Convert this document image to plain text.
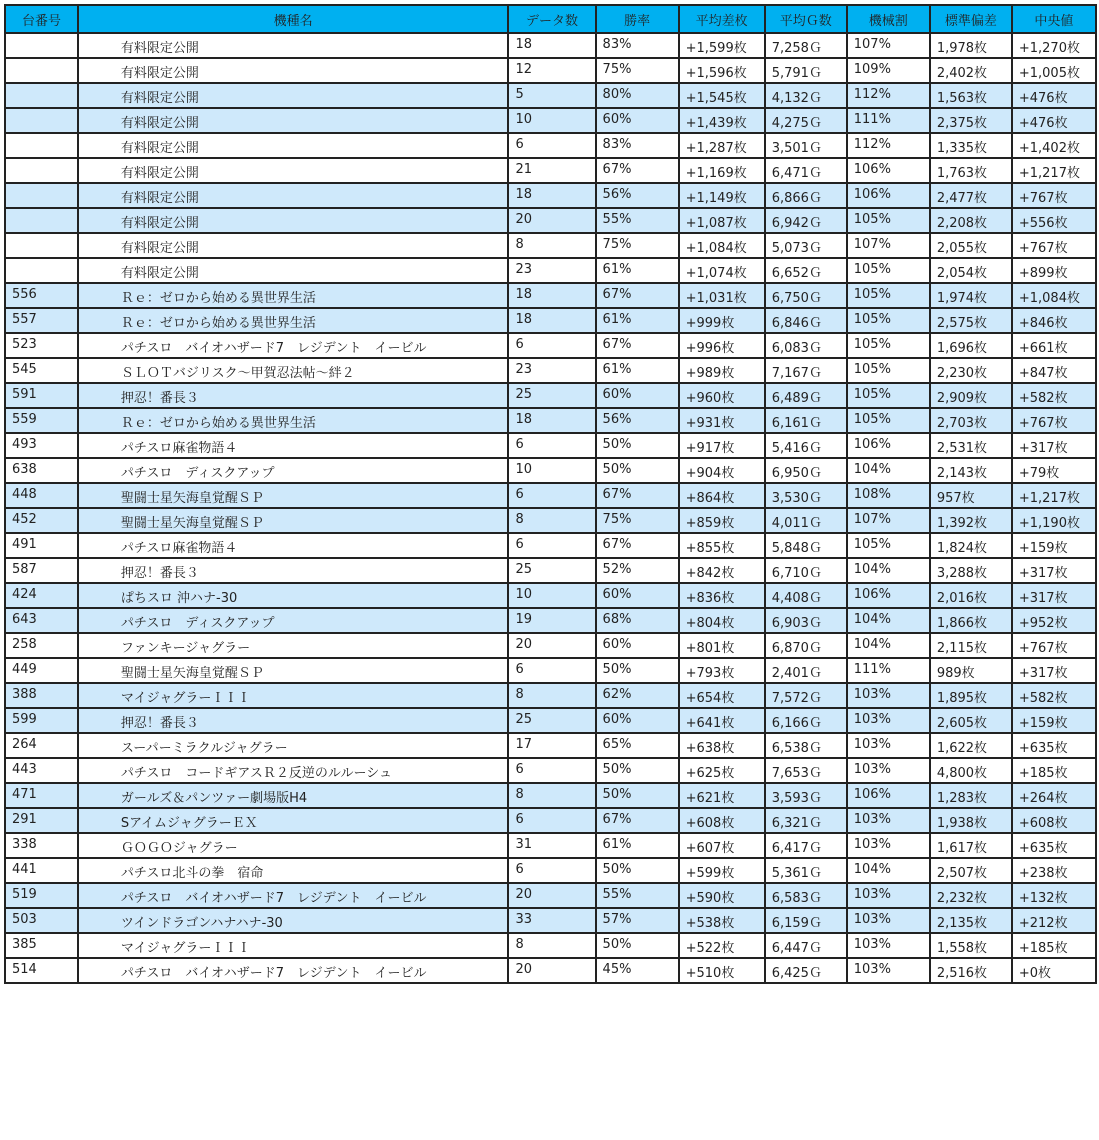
台番号	機種名	データ数	勝率	平均差枚	平均Ｇ数	機械割	標準偏差	中央値
	有料限定公開	18	83%	+1,599枚	7,258Ｇ	107%	1,978枚	+1,270枚
	有料限定公開	12	75%	+1,596枚	5,791Ｇ	109%	2,402枚	+1,005枚
	有料限定公開	5	80%	+1,545枚	4,132Ｇ	112%	1,563枚	+476枚
	有料限定公開	10	60%	+1,439枚	4,275Ｇ	111%	2,375枚	+476枚
	有料限定公開	6	83%	+1,287枚	3,501Ｇ	112%	1,335枚	+1,402枚
	有料限定公開	21	67%	+1,169枚	6,471Ｇ	106%	1,763枚	+1,217枚
	有料限定公開	18	56%	+1,149枚	6,866Ｇ	106%	2,477枚	+767枚
	有料限定公開	20	55%	+1,087枚	6,942Ｇ	105%	2,208枚	+556枚
	有料限定公開	8	75%	+1,084枚	5,073Ｇ	107%	2,055枚	+767枚
	有料限定公開	23	61%	+1,074枚	6,652Ｇ	105%	2,054枚	+899枚
556	Ｒｅ：ゼロから始める異世界生活	18	67%	+1,031枚	6,750Ｇ	105%	1,974枚	+1,084枚
557	Ｒｅ：ゼロから始める異世界生活	18	61%	+999枚	6,846Ｇ	105%	2,575枚	+846枚
523	パチスロ　バイオハザード7　レジデント　イービル	6	67%	+996枚	6,083Ｇ	105%	1,696枚	+661枚
545	ＳＬＯＴバジリスク～甲賀忍法帖～絆２	23	61%	+989枚	7,167Ｇ	105%	2,230枚	+847枚
591	押忍！番長３	25	60%	+960枚	6,489Ｇ	105%	2,909枚	+582枚
559	Ｒｅ：ゼロから始める異世界生活	18	56%	+931枚	6,161Ｇ	105%	2,703枚	+767枚
493	パチスロ麻雀物語４	6	50%	+917枚	5,416Ｇ	106%	2,531枚	+317枚
638	パチスロ　ディスクアップ	10	50%	+904枚	6,950Ｇ	104%	2,143枚	+79枚
448	聖闘士星矢海皇覚醒ＳＰ	6	67%	+864枚	3,530Ｇ	108%	957枚	+1,217枚
452	聖闘士星矢海皇覚醒ＳＰ	8	75%	+859枚	4,011Ｇ	107%	1,392枚	+1,190枚
491	パチスロ麻雀物語４	6	67%	+855枚	5,848Ｇ	105%	1,824枚	+159枚
587	押忍！番長３	25	52%	+842枚	6,710Ｇ	104%	3,288枚	+317枚
424	ぱちスロ 沖ハナ-30	10	60%	+836枚	4,408Ｇ	106%	2,016枚	+317枚
643	パチスロ　ディスクアップ	19	68%	+804枚	6,903Ｇ	104%	1,866枚	+952枚
258	ファンキージャグラー	20	60%	+801枚	6,870Ｇ	104%	2,115枚	+767枚
449	聖闘士星矢海皇覚醒ＳＰ	6	50%	+793枚	2,401Ｇ	111%	989枚	+317枚
388	マイジャグラーＩＩＩ	8	62%	+654枚	7,572Ｇ	103%	1,895枚	+582枚
599	押忍！番長３	25	60%	+641枚	6,166Ｇ	103%	2,605枚	+159枚
264	スーパーミラクルジャグラー	17	65%	+638枚	6,538Ｇ	103%	1,622枚	+635枚
443	パチスロ　コードギアスＲ２反逆のルルーシュ	6	50%	+625枚	7,653Ｇ	103%	4,800枚	+185枚
471	ガールズ＆パンツァー劇場版H4	8	50%	+621枚	3,593Ｇ	106%	1,283枚	+264枚
291	SアイムジャグラーＥＸ	6	67%	+608枚	6,321Ｇ	103%	1,938枚	+608枚
338	ＧＯＧＯジャグラー	31	61%	+607枚	6,417Ｇ	103%	1,617枚	+635枚
441	パチスロ北斗の拳　宿命	6	50%	+599枚	5,361Ｇ	104%	2,507枚	+238枚
519	パチスロ　バイオハザード7　レジデント　イービル	20	55%	+590枚	6,583Ｇ	103%	2,232枚	+132枚
503	ツインドラゴンハナハナ-30	33	57%	+538枚	6,159Ｇ	103%	2,135枚	+212枚
385	マイジャグラーＩＩＩ	8	50%	+522枚	6,447Ｇ	103%	1,558枚	+185枚
514	パチスロ　バイオハザード7　レジデント　イービル	20	45%	+510枚	6,425Ｇ	103%	2,516枚	+0枚
